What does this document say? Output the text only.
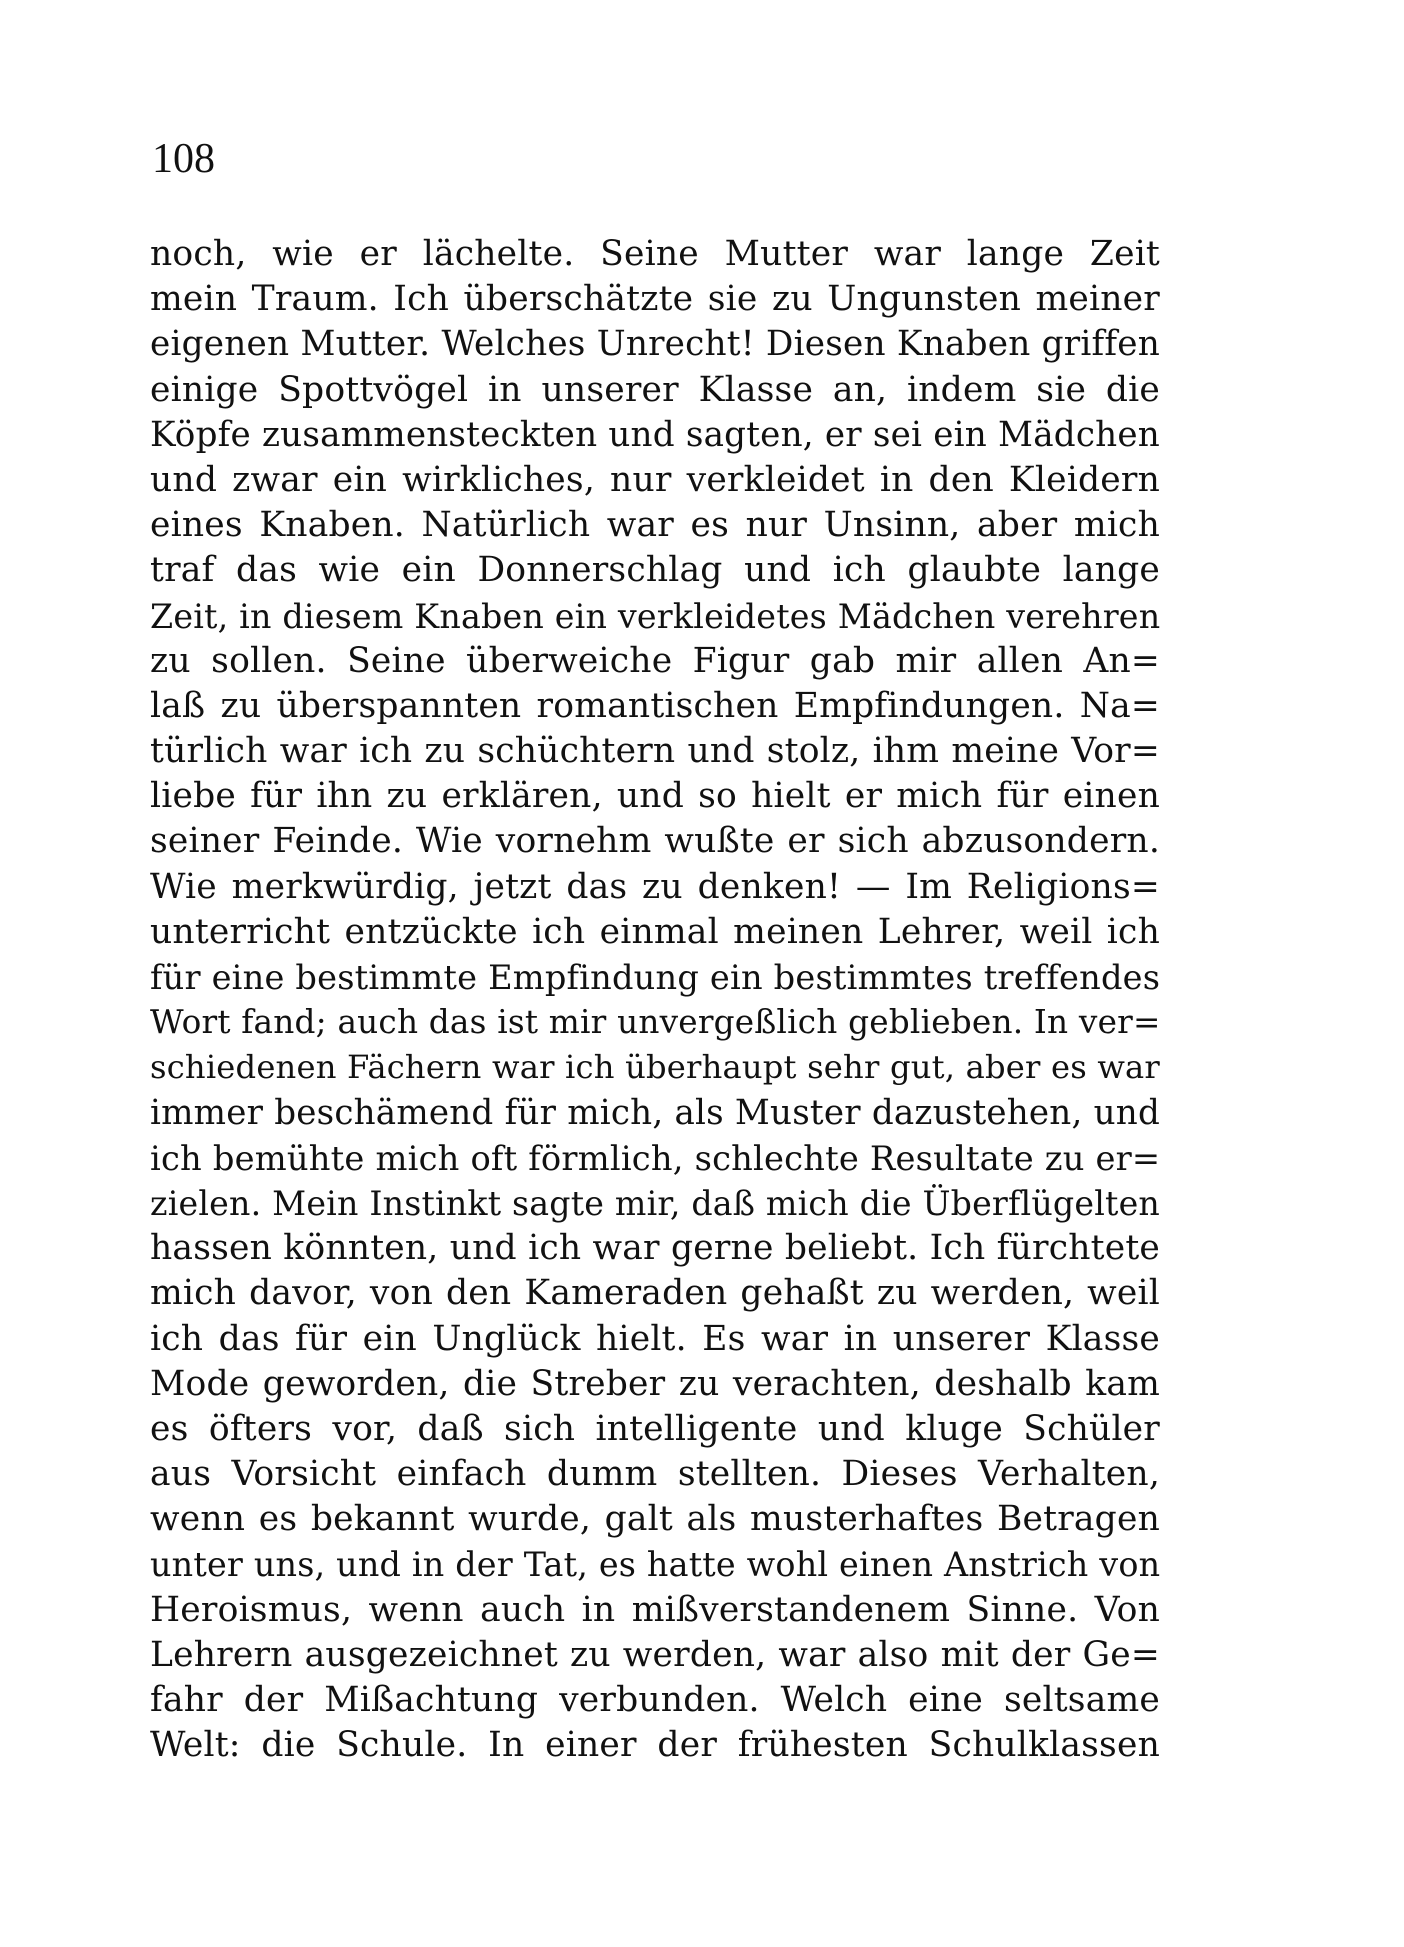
108
noch, wie er lächelte. Seine Mutter war lange Zeit
mein Traum. Ich überschätzte sie zu Ungunsten meiner
eigenen Mutter. Welches Unrecht! Diesen Knaben griffen
einige Spottvögel in unserer Klasse an, indem sie die
Köpfe zusammensteckten und sagten, er sei ein Mädchen
und zwar ein wirkliches, nur verkleidet in den Kleidern
eines Knaben. Natürlich war es nur Unsinn, aber mich
traf das wie ein Donnerschlag und ich glaubte lange
Zeit, in diesem Knaben ein verkleidetes Mädchen verehren
zu sollen. Seine überweiche Figur gab mir allen An=
laß zu überspannten romantischen Empfindungen. Na=
türlich war ich zu schüchtern und stolz, ihm meine Vor=
liebe für ihn zu erklären, und so hielt er mich für einen
seiner Feinde. Wie vornehm wußte er sich abzusondern.
Wie merkwürdig, jetzt das zu denken! — Im Religions=
unterricht entzückte ich einmal meinen Lehrer, weil ich
für eine bestimmte Empfindung ein bestimmtes treffendes
Wort fand; auch das ist mir unvergeßlich geblieben. In ver=
schiedenen Fächern war ich überhaupt sehr gut, aber es war
immer beschämend für mich, als Muster dazustehen, und
ich bemühte mich oft förmlich, schlechte Resultate zu er=
zielen. Mein Instinkt sagte mir, daß mich die Überflügelten
hassen könnten, und ich war gerne beliebt. Ich fürchtete
mich davor, von den Kameraden gehaßt zu werden, weil
ich das für ein Unglück hielt. Es war in unserer Klasse
Mode geworden, die Streber zu verachten, deshalb kam
es öfters vor, daß sich intelligente und kluge Schüler
aus Vorsicht einfach dumm stellten. Dieses Verhalten,
wenn es bekannt wurde, galt als musterhaftes Betragen
unter uns, und in der Tat, es hatte wohl einen Anstrich von
Heroismus, wenn auch in mißverstandenem Sinne. Von
Lehrern ausgezeichnet zu werden, war also mit der Ge=
fahr der Mißachtung verbunden. Welch eine seltsame
Welt: die Schule. In einer der frühesten Schulklassen
